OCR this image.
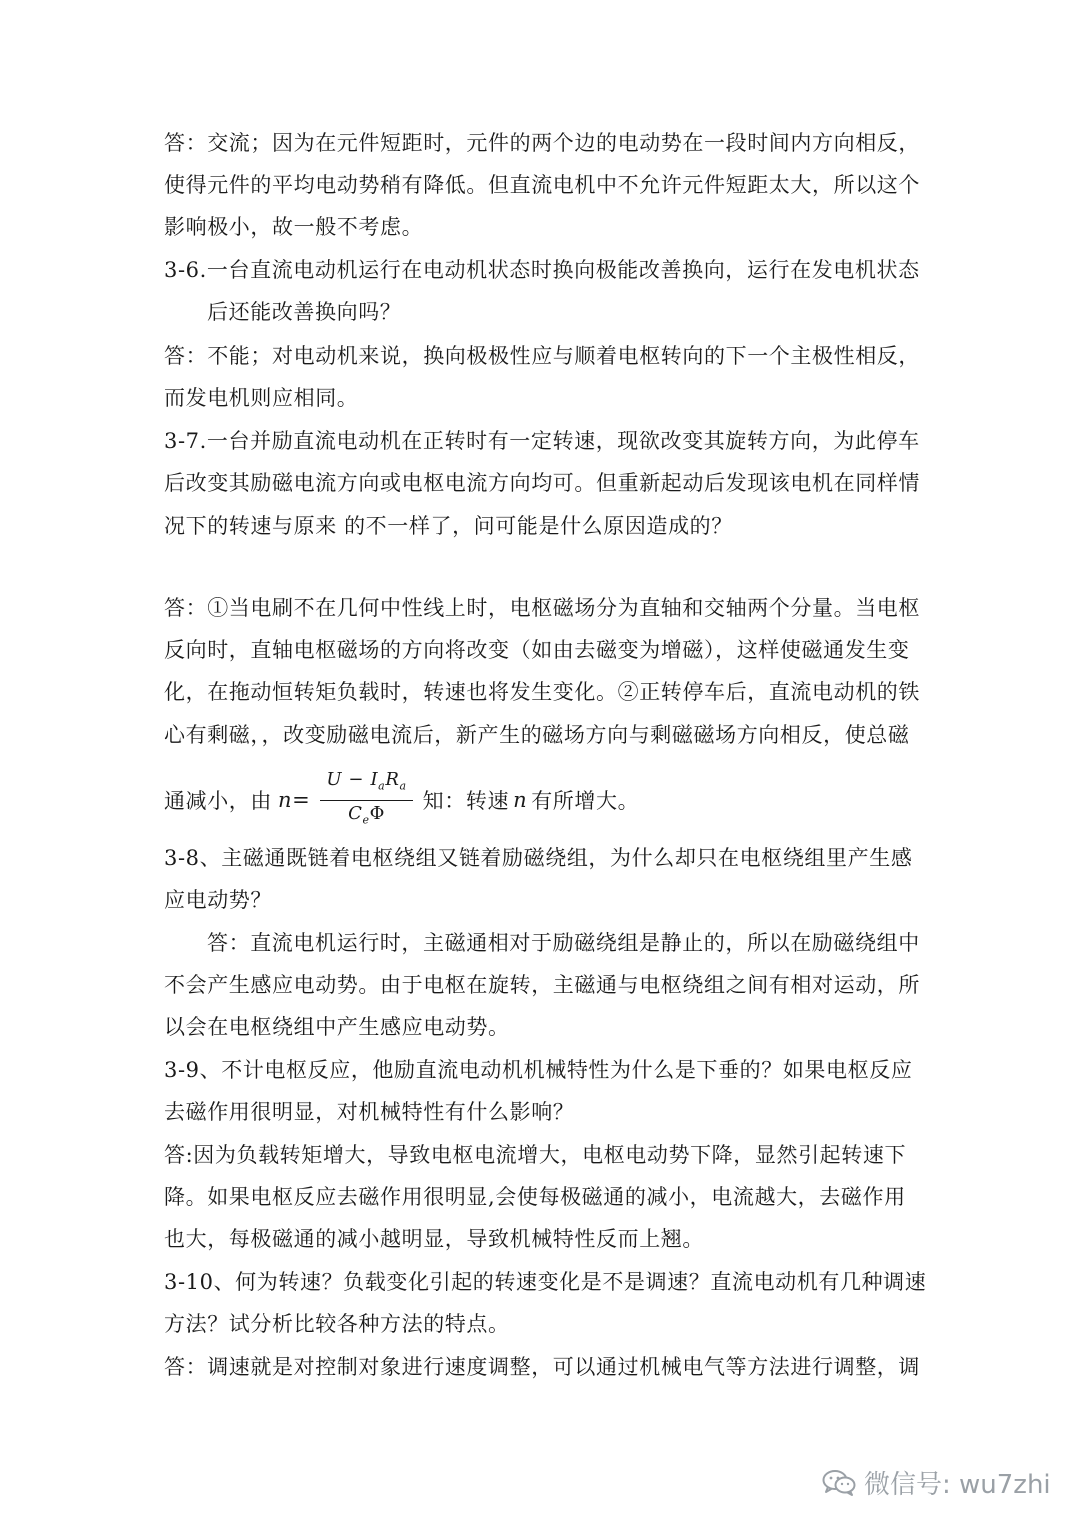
答：交流；因为在元件短距时，元件的两个边的电动势在一段时间内方向相反，
使得元件的平均电动势稍有降低。但直流电机中不允许元件短距太大，所以这个
影响极小，故一般不考虑。
3-6.一台直流电动机运行在电动机状态时换向极能改善换向，运行在发电机状态
后还能改善换向吗？
答：不能；对电动机来说，换向极极性应与顺着电枢转向的下一个主极性相反，
而发电机则应相同。
3-7.一台并励直流电动机在正转时有一定转速，现欲改变其旋转方向，为此停车
后改变其励磁电流方向或电枢电流方向均可。但重新起动后发现该电机在同样情
况下的转速与原来 的不一样了，问可能是什么原因造成的？
答：①当电刷不在几何中性线上时，电枢磁场分为直轴和交轴两个分量。当电枢
反向时，直轴电枢磁场的方向将改变（如由去磁变为增磁），这样使磁通发生变
化，在拖动恒转矩负载时，转速也将发生变化。②正转停车后，直流电动机的铁
心有剩磁，，改变励磁电流后，新产生的磁场方向与剩磁磁场方向相反，使总磁
通减小，由 $n = \frac{U - I_aR_a}{C_e\Phi}$ 知：转速 n 有所增大。
3-8、主磁通既链着电枢绕组又链着励磁绕组，为什么却只在电枢绕组里产生感
应电动势？
答：直流电机运行时，主磁通相对于励磁绕组是静止的，所以在励磁绕组中
不会产生感应电动势。由于电枢在旋转，主磁通与电枢绕组之间有相对运动，所
以会在电枢绕组中产生感应电动势。
3-9、不计电枢反应，他励直流电动机机械特性为什么是下垂的？如果电枢反应
去磁作用很明显，对机械特性有什么影响？
答:因为负载转矩增大，导致电枢电流增大，电枢电动势下降，显然引起转速下
降。如果电枢反应去磁作用很明显,会使每极磁通的减小，电流越大，去磁作用
也大，每极磁通的减小越明显，导致机械特性反而上翘。
3-10、何为转速？负载变化引起的转速变化是不是调速？直流电动机有几种调速
方法？试分析比较各种方法的特点。
答：调速就是对控制对象进行速度调整，可以通过机械电气等方法进行调整，调
微信号: wu7zhi
